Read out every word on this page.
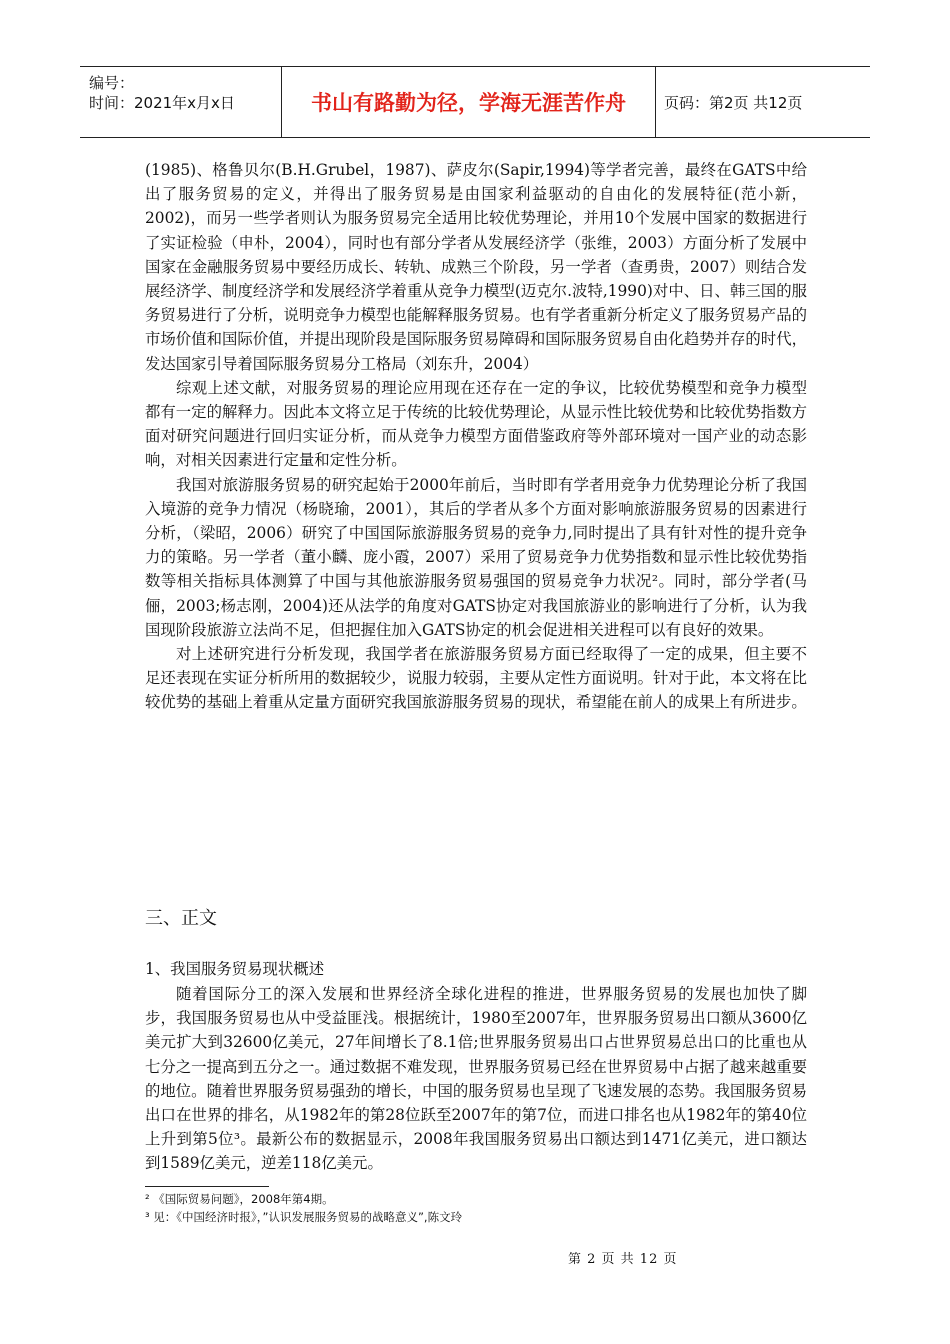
编号：
时间：2021年x月x日	书山有路勤为径，学海无涯苦作舟	页码：第2页 共12页

(1985)、格鲁贝尔(B.H.Grubel，1987)、萨皮尔(Sapir,1994)等学者完善，最终在GATS中给出了服务贸易的定义，并得出了服务贸易是由国家利益驱动的自由化的发展特征(范小新，2002)，而另一些学者则认为服务贸易完全适用比较优势理论，并用10个发展中国家的数据进行了实证检验（申朴，2004），同时也有部分学者从发展经济学（张维，2003）方面分析了发展中国家在金融服务贸易中要经历成长、转轨、成熟三个阶段，另一学者（查勇贵，2007）则结合发展经济学、制度经济学和发展经济学着重从竞争力模型(迈克尔.波特,1990)对中、日、韩三国的服务贸易进行了分析，说明竞争力模型也能解释服务贸易。也有学者重新分析定义了服务贸易产品的市场价值和国际价值，并提出现阶段是国际服务贸易障碍和国际服务贸易自由化趋势并存的时代，发达国家引导着国际服务贸易分工格局（刘东升，2004）

综观上述文献，对服务贸易的理论应用现在还存在一定的争议，比较优势模型和竞争力模型都有一定的解释力。因此本文将立足于传统的比较优势理论，从显示性比较优势和比较优势指数方面对研究问题进行回归实证分析，而从竞争力模型方面借鉴政府等外部环境对一国产业的动态影响，对相关因素进行定量和定性分析。

我国对旅游服务贸易的研究起始于2000年前后，当时即有学者用竞争力优势理论分析了我国入境游的竞争力情况（杨晓瑜，2001），其后的学者从多个方面对影响旅游服务贸易的因素进行分析，（梁昭，2006）研究了中国国际旅游服务贸易的竞争力,同时提出了具有针对性的提升竞争力的策略。另一学者（董小麟、庞小霞，2007）采用了贸易竞争力优势指数和显示性比较优势指数等相关指标具体测算了中国与其他旅游服务贸易强国的贸易竞争力状况²。同时，部分学者(马俪，2003;杨志刚，2004)还从法学的角度对GATS协定对我国旅游业的影响进行了分析，认为我国现阶段旅游立法尚不足，但把握住加入GATS协定的机会促进相关进程可以有良好的效果。

对上述研究进行分析发现，我国学者在旅游服务贸易方面已经取得了一定的成果，但主要不足还表现在实证分析所用的数据较少，说服力较弱，主要从定性方面说明。针对于此，本文将在比较优势的基础上着重从定量方面研究我国旅游服务贸易的现状，希望能在前人的成果上有所进步。

三、正文
1、我国服务贸易现状概述

随着国际分工的深入发展和世界经济全球化进程的推进，世界服务贸易的发展也加快了脚步，我国服务贸易也从中受益匪浅。根据统计，1980至2007年，世界服务贸易出口额从3600亿美元扩大到32600亿美元，27年间增长了8.1倍;世界服务贸易出口占世界贸易总出口的比重也从七分之一提高到五分之一。通过数据不难发现，世界服务贸易已经在世界贸易中占据了越来越重要的地位。随着世界服务贸易强劲的增长，中国的服务贸易也呈现了飞速发展的态势。我国服务贸易出口在世界的排名，从1982年的第28位跃至2007年的第7位，而进口排名也从1982年的第40位上升到第5位³。最新公布的数据显示，2008年我国服务贸易出口额达到1471亿美元，进口额达到1589亿美元，逆差118亿美元。

² 《国际贸易问题》，2008年第4期。
³ 见：《中国经济时报》，”认识发展服务贸易的战略意义”,陈文玲
第 2 页 共 12 页
